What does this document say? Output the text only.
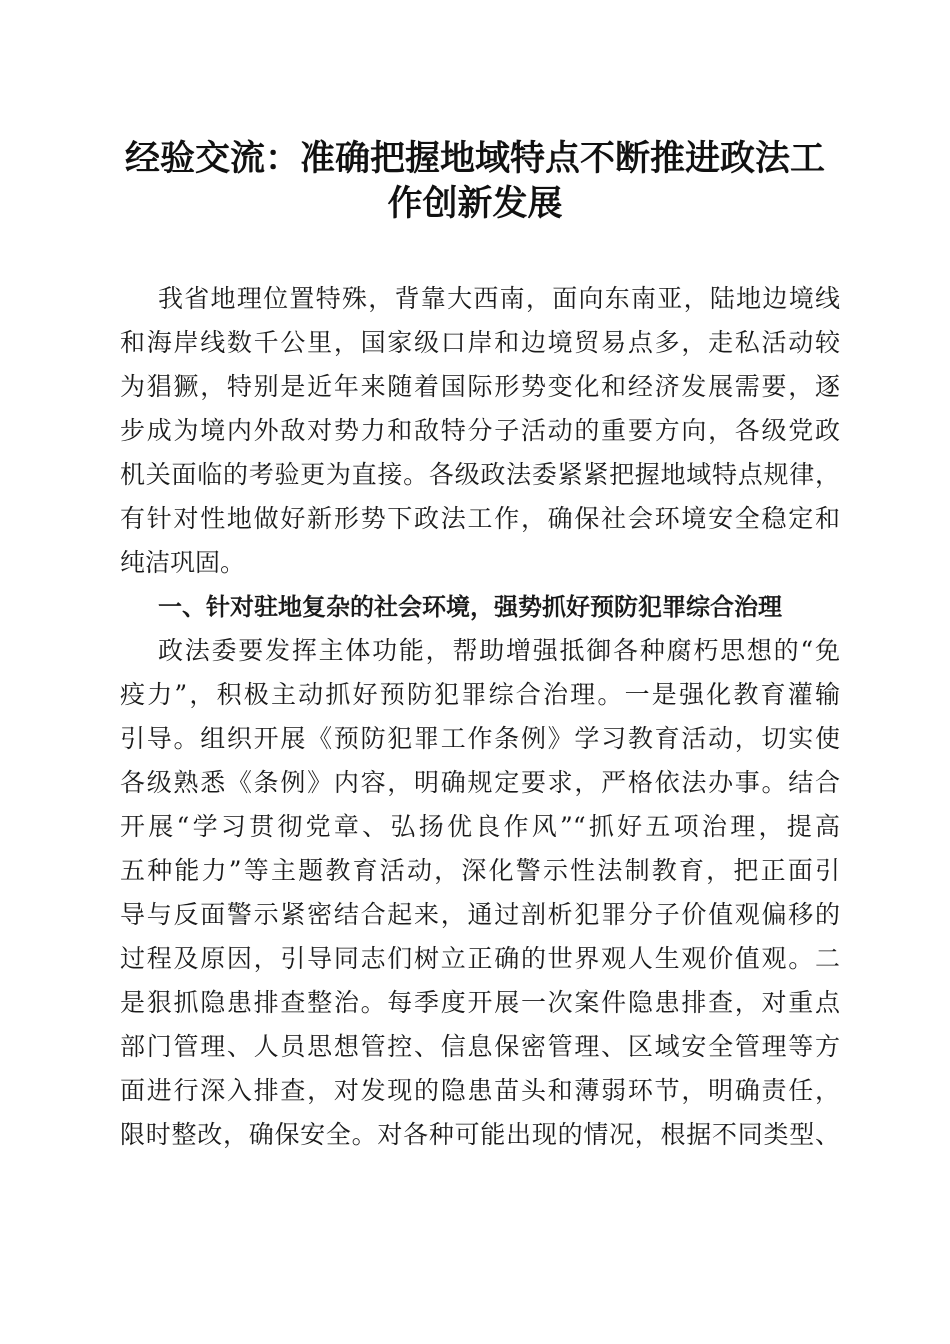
经验交流：准确把握地域特点不断推进政法工
作创新发展
我省地理位置特殊，背靠大西南，面向东南亚，陆地边境线
和海岸线数千公里，国家级口岸和边境贸易点多，走私活动较
为猖獗，特别是近年来随着国际形势变化和经济发展需要，逐
步成为境内外敌对势力和敌特分子活动的重要方向，各级党政
机关面临的考验更为直接。各级政法委紧紧把握地域特点规律，
有针对性地做好新形势下政法工作，确保社会环境安全稳定和
纯洁巩固。
一、针对驻地复杂的社会环境，强势抓好预防犯罪综合治理
政法委要发挥主体功能，帮助增强抵御各种腐朽思想的“免
疫力”，积极主动抓好预防犯罪综合治理。一是强化教育灌输
引导。组织开展《预防犯罪工作条例》学习教育活动，切实使
各级熟悉《条例》内容，明确规定要求，严格依法办事。结合
开展“学习贯彻党章、弘扬优良作风”“抓好五项治理，提高
五种能力”等主题教育活动，深化警示性法制教育，把正面引
导与反面警示紧密结合起来，通过剖析犯罪分子价值观偏移的
过程及原因，引导同志们树立正确的世界观人生观价值观。二
是狠抓隐患排查整治。每季度开展一次案件隐患排查，对重点
部门管理、人员思想管控、信息保密管理、区域安全管理等方
面进行深入排查，对发现的隐患苗头和薄弱环节，明确责任，
限时整改，确保安全。对各种可能出现的情况，根据不同类型、
